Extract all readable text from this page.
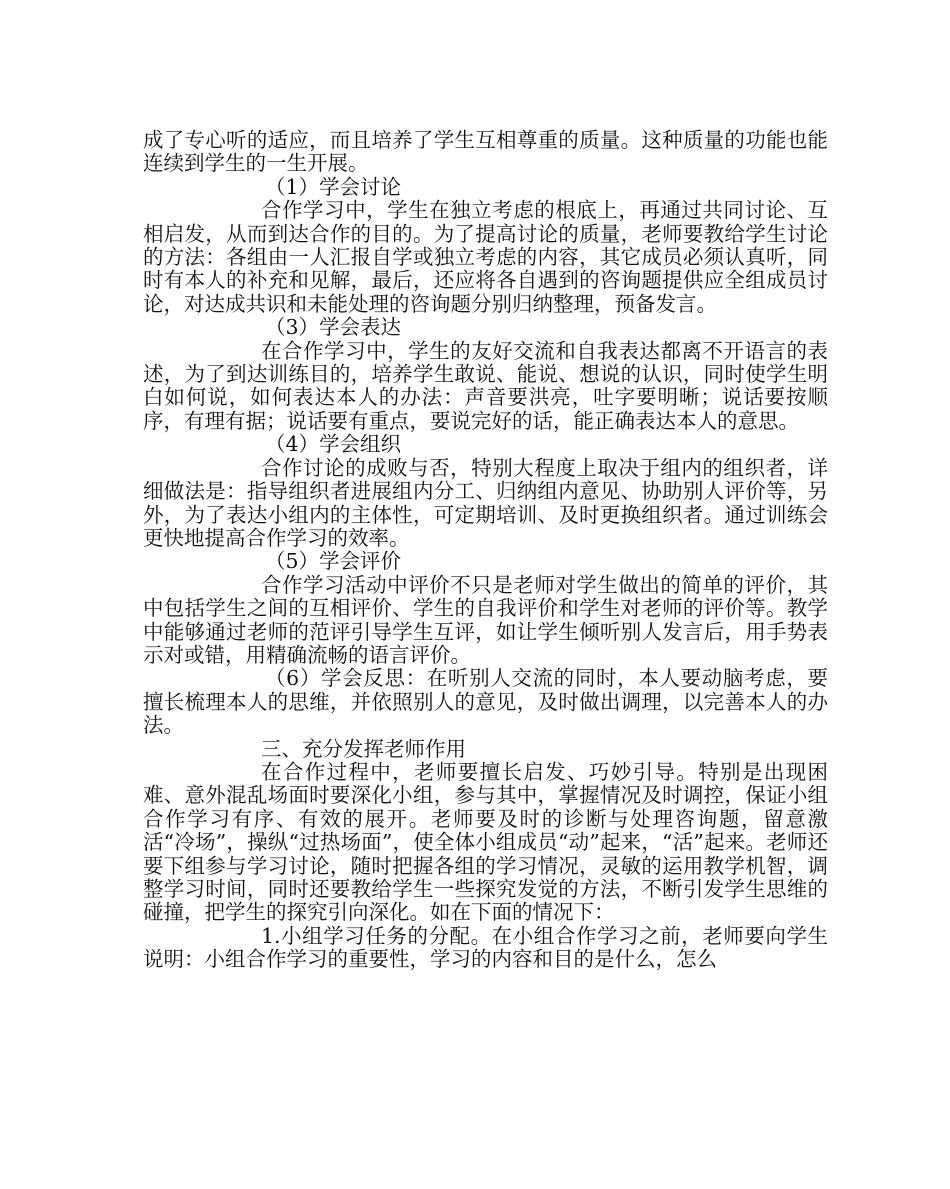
成了专心听的适应，而且培养了学生互相尊重的质量。这种质量的功能也能连续到学生的一生开展。

（1）学会讨论

合作学习中，学生在独立考虑的根底上，再通过共同讨论、互相启发，从而到达合作的目的。为了提高讨论的质量，老师要教给学生讨论的方法：各组由一人汇报自学或独立考虑的内容，其它成员必须认真听，同时有本人的补充和见解，最后，还应将各自遇到的咨询题提供应全组成员讨论，对达成共识和未能处理的咨询题分别归纳整理，预备发言。

（3）学会表达

在合作学习中，学生的友好交流和自我表达都离不开语言的表述，为了到达训练目的，培养学生敢说、能说、想说的认识，同时使学生明白如何说，如何表达本人的办法：声音要洪亮，吐字要明晰；说话要按顺序，有理有据；说话要有重点，要说完好的话，能正确表达本人的意思。

（4）学会组织

合作讨论的成败与否，特别大程度上取决于组内的组织者，详细做法是：指导组织者进展组内分工、归纳组内意见、协助别人评价等，另外，为了表达小组内的主体性，可定期培训、及时更换组织者。通过训练会更快地提高合作学习的效率。

（5）学会评价

合作学习活动中评价不只是老师对学生做出的简单的评价，其中包括学生之间的互相评价、学生的自我评价和学生对老师的评价等。教学中能够通过老师的范评引导学生互评，如让学生倾听别人发言后，用手势表示对或错，用精确流畅的语言评价。

（6）学会反思：在听别人交流的同时，本人要动脑考虑，要擅长梳理本人的思维，并依照别人的意见，及时做出调理，以完善本人的办法。

三、充分发挥老师作用

在合作过程中，老师要擅长启发、巧妙引导。特别是出现困难、意外混乱场面时要深化小组，参与其中，掌握情况及时调控，保证小组合作学习有序、有效的展开。老师要及时的诊断与处理咨询题，留意激活“冷场”，操纵“过热场面”，使全体小组成员“动”起来，“活”起来。老师还要下组参与学习讨论，随时把握各组的学习情况，灵敏的运用教学机智，调整学习时间，同时还要教给学生一些探究发觉的方法，不断引发学生思维的碰撞，把学生的探究引向深化。如在下面的情况下：

1.小组学习任务的分配。在小组合作学习之前，老师要向学生说明：小组合作学习的重要性，学习的内容和目的是什么，怎么
